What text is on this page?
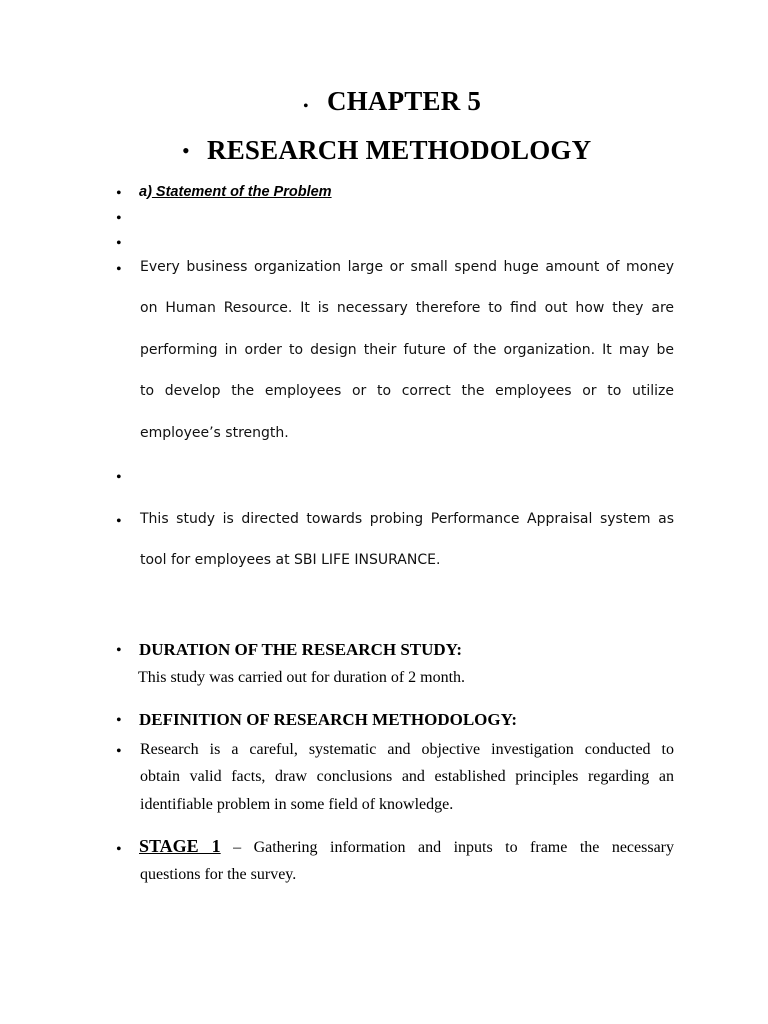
• CHAPTER 5
• RESEARCH METHODOLOGY
• a) Statement of the Problem
•
•
• Every business organization large or small spend huge amount of money
on Human Resource. It is necessary therefore to find out how they are
performing in order to design their future of the organization. It may be
to develop the employees or to correct the employees or to utilize
employee’s strength.
•
• This study is directed towards probing Performance Appraisal system as
tool for employees at SBI LIFE INSURANCE.
• DURATION OF THE RESEARCH STUDY:
This study was carried out for duration of 2 month.
• DEFINITION OF RESEARCH METHODOLOGY:
• Research is a careful, systematic and objective investigation conducted to
obtain valid facts, draw conclusions and established principles regarding an
identifiable problem in some field of knowledge.
• STAGE 1 – Gathering information and inputs to frame the necessary
questions for the survey.
